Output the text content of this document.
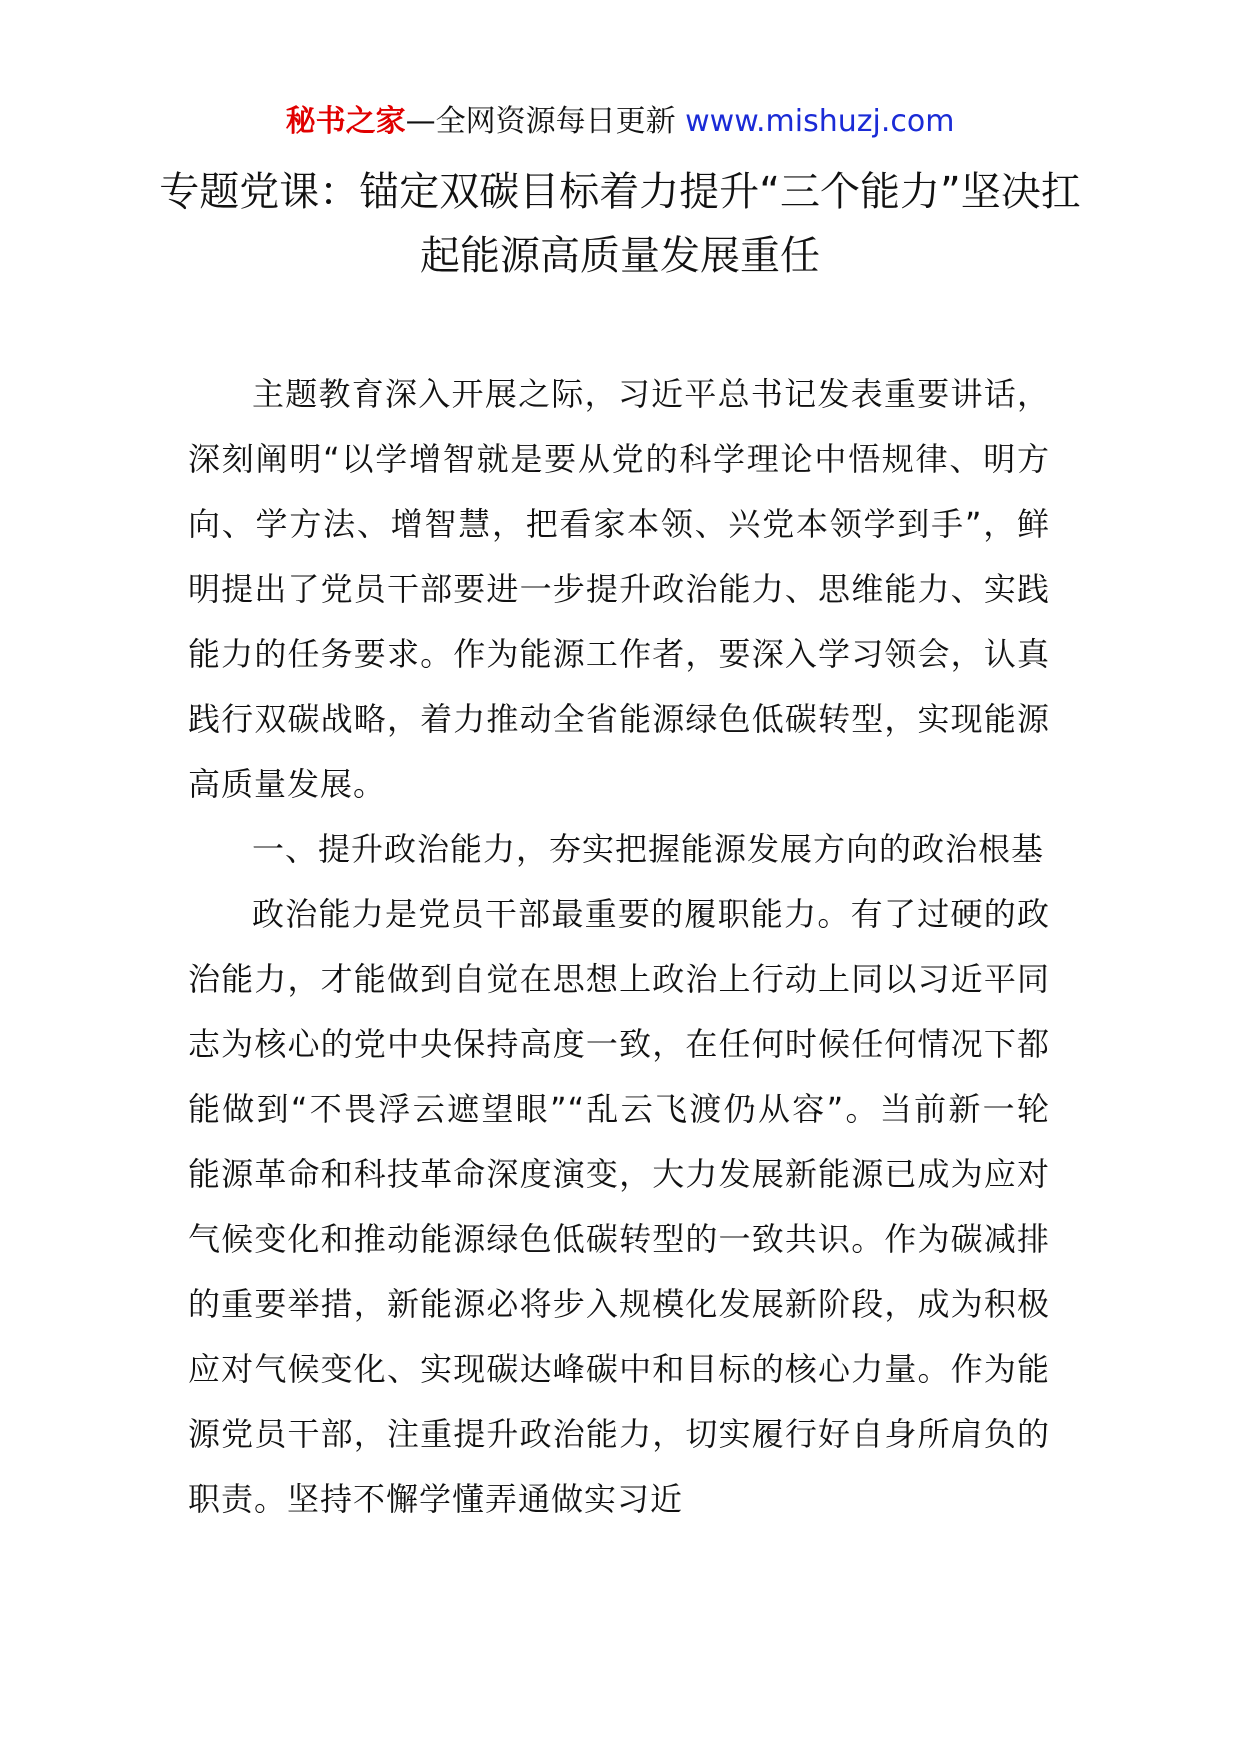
秘书之家—全网资源每日更新 www.mishuzj.com
专题党课：锚定双碳目标着力提升“三个能力”坚决扛起能源高质量发展重任

主题教育深入开展之际，习近平总书记发表重要讲话，深刻阐明“以学增智就是要从党的科学理论中悟规律、明方向、学方法、增智慧，把看家本领、兴党本领学到手”，鲜明提出了党员干部要进一步提升政治能力、思维能力、实践能力的任务要求。作为能源工作者，要深入学习领会，认真践行双碳战略，着力推动全省能源绿色低碳转型，实现能源高质量发展。

一、提升政治能力，夯实把握能源发展方向的政治根基

政治能力是党员干部最重要的履职能力。有了过硬的政治能力，才能做到自觉在思想上政治上行动上同以习近平同志为核心的党中央保持高度一致，在任何时候任何情况下都能做到“不畏浮云遮望眼”“乱云飞渡仍从容”。当前新一轮能源革命和科技革命深度演变，大力发展新能源已成为应对气候变化和推动能源绿色低碳转型的一致共识。作为碳减排的重要举措，新能源必将步入规模化发展新阶段，成为积极应对气候变化、实现碳达峰碳中和目标的核心力量。作为能源党员干部，注重提升政治能力，切实履行好自身所肩负的职责。坚持不懈学懂弄通做实习近
